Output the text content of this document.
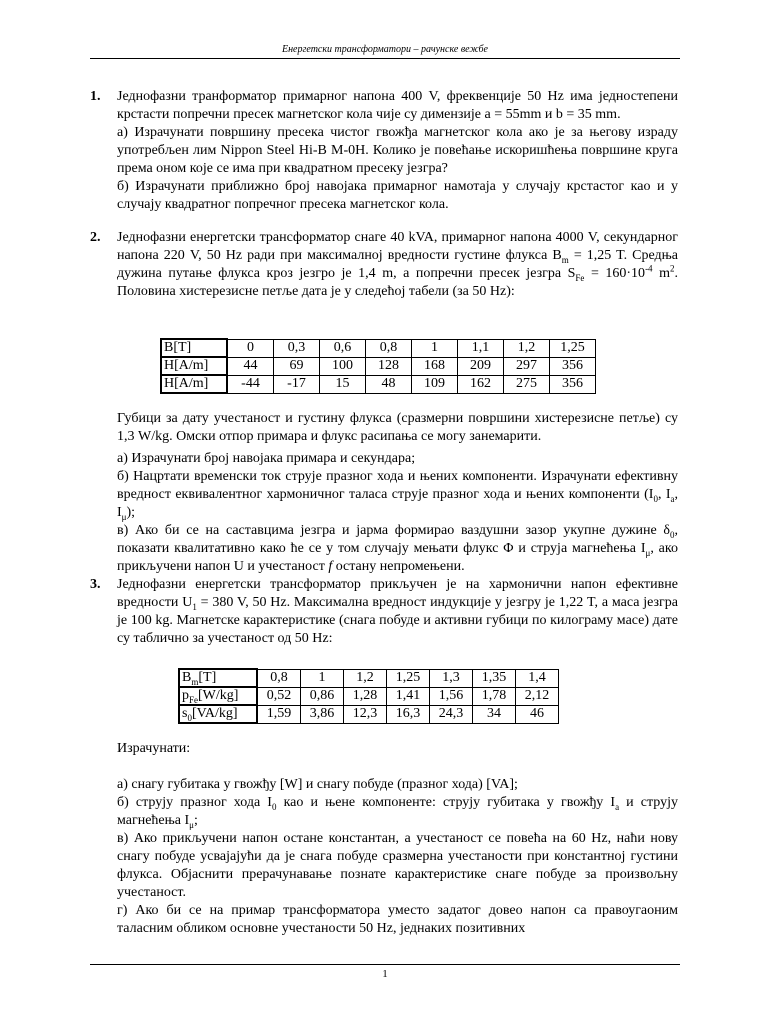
Енергетски трансформатори – рачунске вежбе
1. Једнофазни транформатор примарног напона 400 V, фреквенције 50 Hz има једностепени крстасти попречни пресек магнетског кола чије су димензије a = 55mm и b = 35 mm.

а) Израчунати површину пресека чистог гвожђа магнетског кола ако је за његову израду употребљен лим Nippon Steel Hi-B M-0H. Колико је повећање искоришћења површине круга према оном које се има при квадратном пресеку језгра?

б) Израчунати приближно број навојака примарног намотаја у случају крстастог као и у случају квадратног попречног пресека магнетског кола.

2. Једнофазни енергетски трансформатор снаге 40 kVA, примарног напона 4000 V, секундарног напона 220 V, 50 Hz ради при максималној вредности густине флукса $B_m = 1,25$ T. Средња дужина путање флукса кроз језгро је 1,4 m, а попречни пресек језгра $S_{Fe} = 160\cdot 10^{-4}$ $m^2$. Половина хистерезисне петље дата је у следећој табели (за 50 Hz):

B[T]	0	0,3	0,6	0,8	1	1,1	1,2	1,25
H[A/m]	44	69	100	128	168	209	297	356
H[A/m]	-44	-17	15	48	109	162	275	356

Губици за дату учестаност и густину флукса (сразмерни површини хистерезисне петље) су 1,3 W/kg. Омски отпор примара и флукс расипања се могу занемарити.

а) Израчунати број навојака примара и секундара;

б) Нацртати временски ток струје празног хода и њених компоненти. Израчунати ефективну вредност еквивалентног хармоничног таласа струје празног хода и њених компоненти ($I_0$, $I_a$, $I_\mu$);

в) Ако би се на саставцима језгра и јарма формирао ваздушни зазор укупне дужине $\delta_0$, показати квалитативно како ће се у том случају мењати флукс Φ и струја магнећења $I_\mu$, ако прикључени напон U и учестаност f остану непромењени.

3. Једнофазни енергетски трансформатор прикључен је на хармонични напон ефективне вредности $U_1 = 380$ V, 50 Hz. Максимална вредност индукције у језгру је 1,22 T, а маса језгра је 100 kg. Магнетске карактеристике (снага побуде и активни губици по килограму масе) дате су таблично за учестаност од 50 Hz:

$B_m[T]$	0,8	1	1,2	1,25	1,3	1,35	1,4
$p_{Fe}[W/kg]$	0,52	0,86	1,28	1,41	1,56	1,78	2,12
$s_0[VA/kg]$	1,59	3,86	12,3	16,3	24,3	34	46

Израчунати:

а) снагу губитака у гвожђу [W] и снагу побуде (празног хода) [VA];

б) струју празног хода $I_0$ као и њене компоненте: струју губитака у гвожђу $I_a$ и струју магнећења $I_\mu$;

в) Ако прикључени напон остане константан, а учестаност се повећа на 60 Hz, наћи нову снагу побуде усвајајући да је снага побуде сразмерна учестаности при константној густини флукса. Објаснити прерачунавање познате карактеристике снаге побуде за произвољну учестаност.

г) Ако би се на примар трансформатора уместо задатог довео напон са правоугаоним таласним обликом основне учестаности 50 Hz, једнаких позитивних

1
